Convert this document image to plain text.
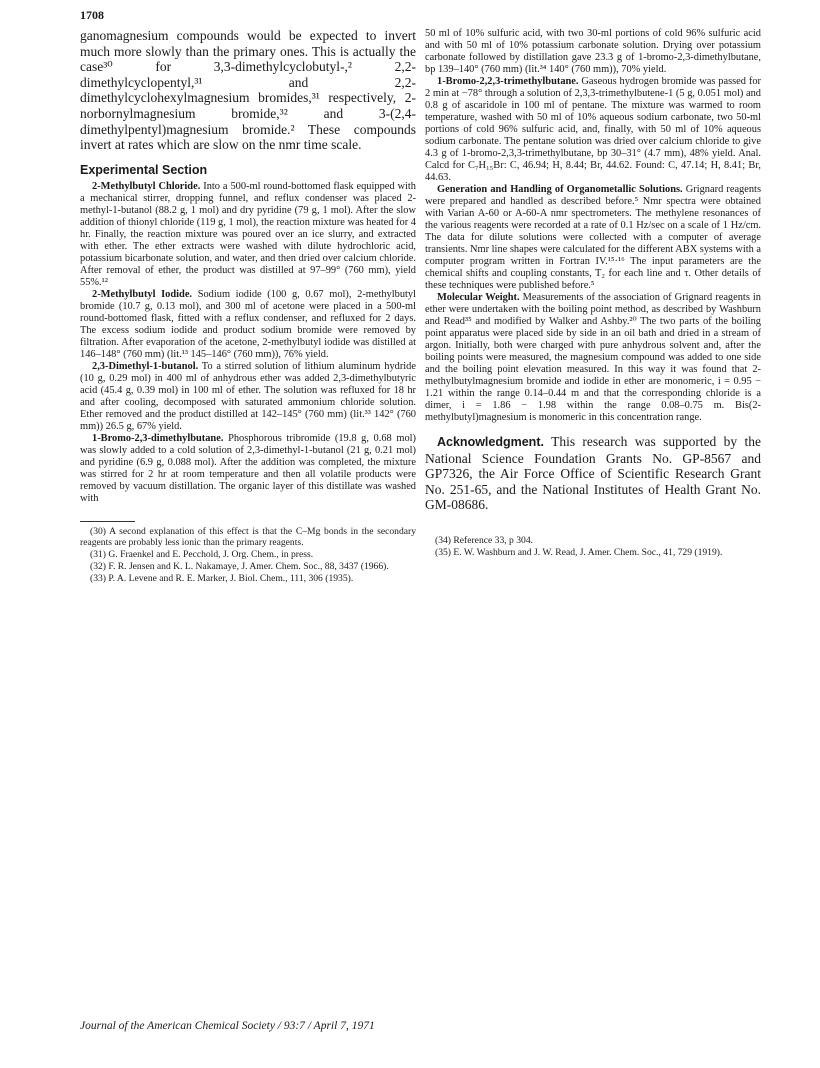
1708

ganomagnesium compounds would be expected to invert much more slowly than the primary ones. This is actually the case³⁰ for 3,3-dimethylcyclobutyl-,² 2,2-dimethylcyclopentyl,³¹ and 2,2-dimethylcyclohexylmagnesium bromides,³¹ respectively, 2-norbornylmagnesium bromide,³² and 3-(2,4-dimethylpentyl)magnesium bromide.² These compounds invert at rates which are slow on the nmr time scale.

Experimental Section

2-Methylbutyl Chloride. Into a 500-ml round-bottomed flask equipped with a mechanical stirrer, dropping funnel, and reflux condenser was placed 2-methyl-1-butanol (88.2 g, 1 mol) and dry pyridine (79 g, 1 mol). After the slow addition of thionyl chloride (119 g, 1 mol), the reaction mixture was heated for 4 hr. Finally, the reaction mixture was poured over an ice slurry, and extracted with ether. The ether extracts were washed with dilute hydrochloric acid, potassium bicarbonate solution, and water, and then dried over calcium chloride. After removal of ether, the product was distilled at 97–99° (760 mm), yield 55%.¹²

2-Methylbutyl Iodide. Sodium iodide (100 g, 0.67 mol), 2-methylbutyl bromide (10.7 g, 0.13 mol), and 300 ml of acetone were placed in a 500-ml round-bottomed flask, fitted with a reflux condenser, and refluxed for 2 days. The excess sodium iodide and product sodium bromide were removed by filtration. After evaporation of the acetone, 2-methylbutyl iodide was distilled at 146–148° (760 mm) (lit.¹³ 145–146° (760 mm)), 76% yield.

2,3-Dimethyl-1-butanol. To a stirred solution of lithium aluminum hydride (10 g, 0.29 mol) in 400 ml of anhydrous ether was added 2,3-dimethylbutyric acid (45.4 g, 0.39 mol) in 100 ml of ether. The solution was refluxed for 18 hr and after cooling, decomposed with saturated ammonium chloride solution. Ether removed and the product distilled at 142–145° (760 mm) (lit.³³ 142° (760 mm)) 26.5 g, 67% yield.

1-Bromo-2,3-dimethylbutane. Phosphorous tribromide (19.8 g, 0.68 mol) was slowly added to a cold solution of 2,3-dimethyl-1-butanol (21 g, 0.21 mol) and pyridine (6.9 g, 0.088 mol). After the addition was completed, the mixture was stirred for 2 hr at room temperature and then all volatile products were removed by vacuum distillation. The organic layer of this distillate was washed with

(30) A second explanation of this effect is that the C–Mg bonds in the secondary reagents are probably less ionic than the primary reagents.

(31) G. Fraenkel and E. Pecchold, J. Org. Chem., in press.

(32) F. R. Jensen and K. L. Nakamaye, J. Amer. Chem. Soc., 88, 3437 (1966).

(33) P. A. Levene and R. E. Marker, J. Biol. Chem., 111, 306 (1935).

50 ml of 10% sulfuric acid, with two 30-ml portions of cold 96% sulfuric acid and with 50 ml of 10% potassium carbonate solution. Drying over potassium carbonate followed by distillation gave 23.3 g of 1-bromo-2,3-dimethylbutane, bp 139–140° (760 mm) (lit.³⁴ 140° (760 mm)), 70% yield.

1-Bromo-2,2,3-trimethylbutane. Gaseous hydrogen bromide was passed for 2 min at −78° through a solution of 2,3,3-trimethylbutene-1 (5 g, 0.051 mol) and 0.8 g of ascaridole in 100 ml of pentane. The mixture was warmed to room temperature, washed with 50 ml of 10% aqueous sodium carbonate, two 50-ml portions of cold 96% sulfuric acid, and, finally, with 50 ml of 10% aqueous sodium carbonate. The pentane solution was dried over calcium chloride to give 4.3 g of 1-bromo-2,3,3-trimethylbutane, bp 30–31° (4.7 mm), 48% yield. Anal. Calcd for C₇H₁₅Br: C, 46.94; H, 8.44; Br, 44.62. Found: C, 47.14; H, 8.41; Br, 44.63.

Generation and Handling of Organometallic Solutions. Grignard reagents were prepared and handled as described before.⁵ Nmr spectra were obtained with Varian A-60 or A-60-A nmr spectrometers. The methylene resonances of the various reagents were recorded at a rate of 0.1 Hz/sec on a scale of 1 Hz/cm. The data for dilute solutions were collected with a computer of average transients. Nmr line shapes were calculated for the different ABX systems with a computer program written in Fortran IV.¹⁵·¹⁶ The input parameters are the chemical shifts and coupling constants, T₂ for each line and τ. Other details of these techniques were published before.⁵

Molecular Weight. Measurements of the association of Grignard reagents in ether were undertaken with the boiling point method, as described by Washburn and Read³⁵ and modified by Walker and Ashby.²⁰ The two parts of the boiling point apparatus were placed side by side in an oil bath and dried in a stream of argon. Initially, both were charged with pure anhydrous solvent and, after the boiling points were measured, the magnesium compound was added to one side and the boiling point elevation measured. In this way it was found that 2-methylbutylmagnesium bromide and iodide in ether are monomeric, i = 0.95 − 1.21 within the range 0.14–0.44 m and that the corresponding chloride is a dimer, i = 1.86 − 1.98 within the range 0.08–0.75 m. Bis(2-methylbutyl)magnesium is monomeric in this concentration range.

Acknowledgment. This research was supported by the National Science Foundation Grants No. GP-8567 and GP7326, the Air Force Office of Scientific Research Grant No. 251-65, and the National Institutes of Health Grant No. GM-08686.

(34) Reference 33, p 304.

(35) E. W. Washburn and J. W. Read, J. Amer. Chem. Soc., 41, 729 (1919).

Journal of the American Chemical Society / 93:7 / April 7, 1971
